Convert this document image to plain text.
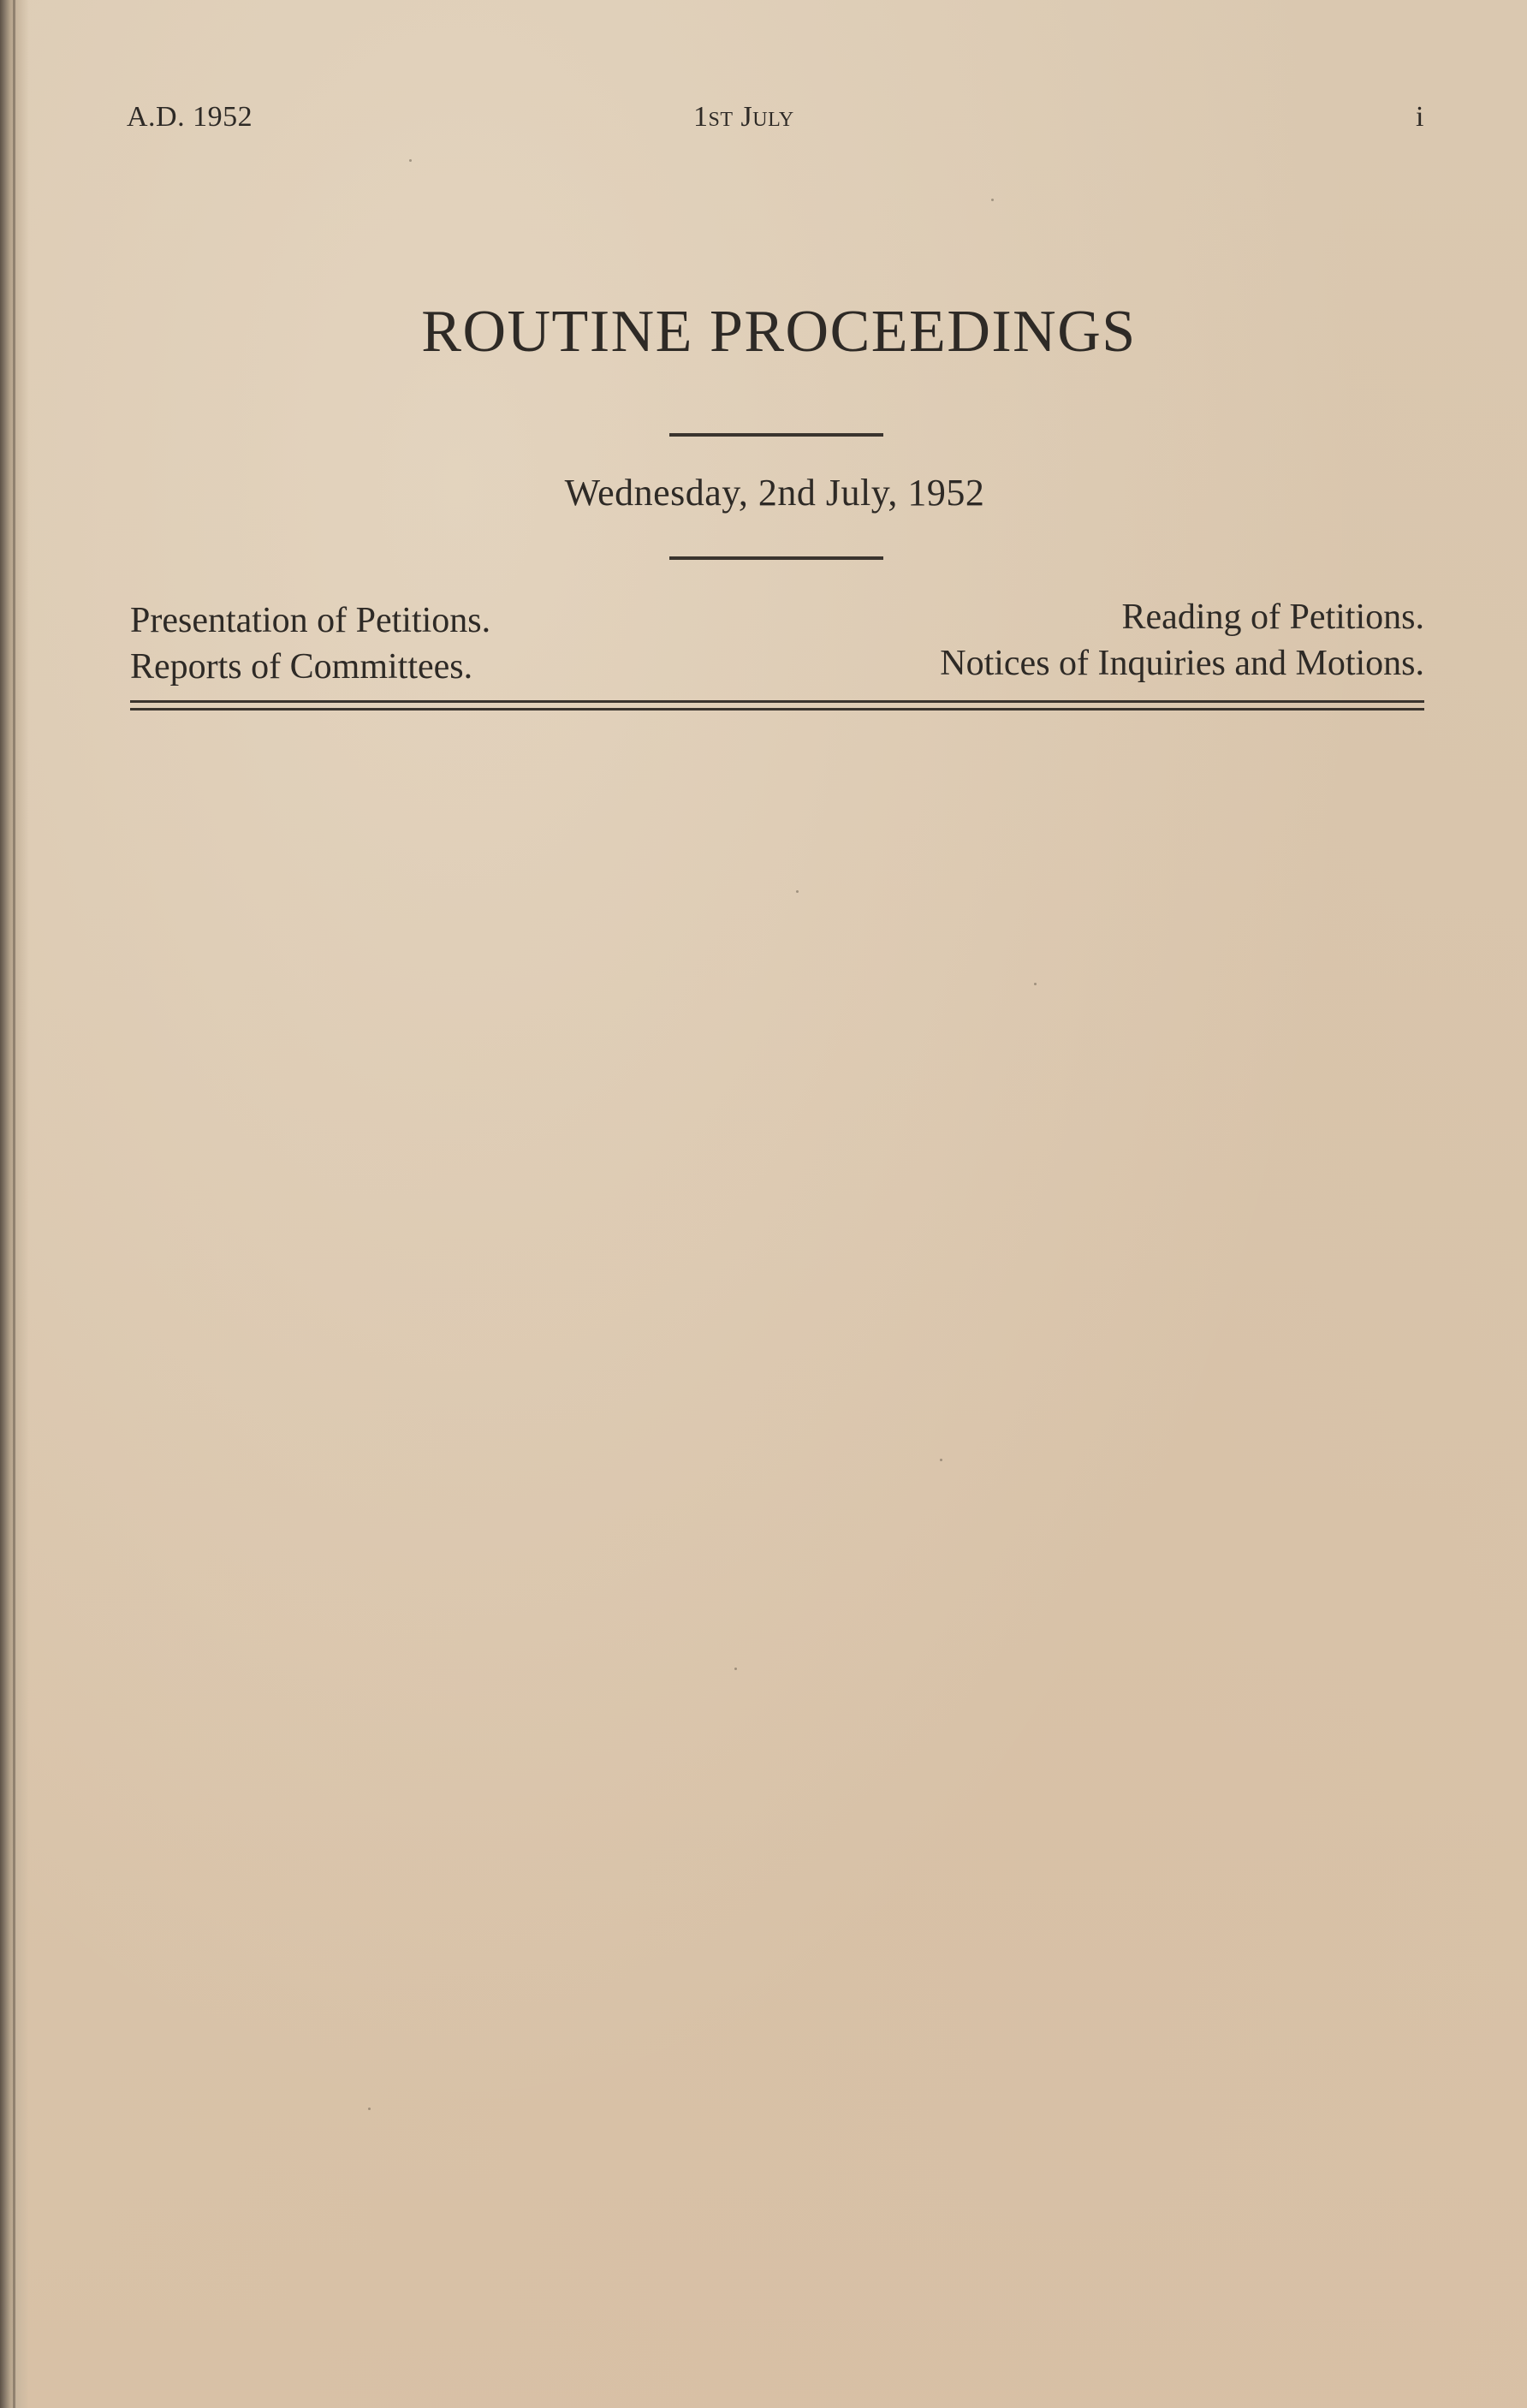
A.D. 1952	1st July	i
ROUTINE PROCEEDINGS
Wednesday, 2nd July, 1952
Presentation of Petitions.
Reports of Committees.
Reading of Petitions.
Notices of Inquiries and Motions.
